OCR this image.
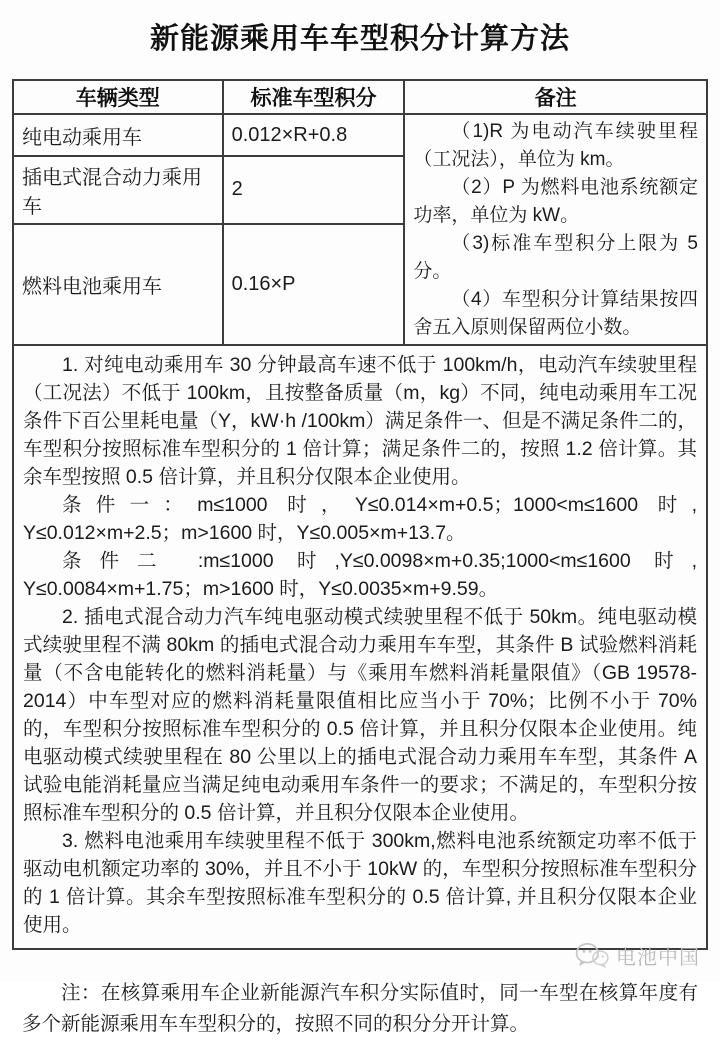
新能源乘用车车型积分计算方法
车辆类型	标准车型积分	备注
纯电动乘用车	0.012×R+0.8	（1)R 为电动汽车续驶里程（工况法），单位为 km。

（2）P 为燃料电池系统额定功率，单位为 kW。

（3)标准车型积分上限为 5 分。

（4）车型积分计算结果按四舍五入原则保留两位小数。

插电式混合动力乘用车	2	
燃料电池乘用车	0.16×P	

1. 对纯电动乘用车 30 分钟最高车速不低于 100km/h，电动汽车续驶里程（工况法）不低于 100km，且按整备质量（m，kg）不同，纯电动乘用车工况条件下百公里耗电量（Y，kW·h /100km）满足条件一、但是不满足条件二的，车型积分按照标准车型积分的 1 倍计算；满足条件二的，按照 1.2 倍计算。其余车型按照 0.5 倍计算，并且积分仅限本企业使用。

条件一：m≤1000 时，Y≤0.014×m+0.5；1000<m≤1600 时, Y≤0.012×m+2.5；m>1600 时，Y≤0.005×m+13.7。

条件二 :m≤1000 时,Y≤0.0098×m+0.35;1000<m≤1600 时, Y≤0.0084×m+1.75；m>1600 时，Y≤0.0035×m+9.59。

2. 插电式混合动力汽车纯电驱动模式续驶里程不低于 50km。纯电驱动模式续驶里程不满 80km 的插电式混合动力乘用车车型，其条件 B 试验燃料消耗量（不含电能转化的燃料消耗量）与《乘用车燃料消耗量限值》（GB 19578-2014）中车型对应的燃料消耗量限值相比应当小于 70%；比例不小于 70%的，车型积分按照标准车型积分的 0.5 倍计算，并且积分仅限本企业使用。纯电驱动模式续驶里程在 80 公里以上的插电式混合动力乘用车车型，其条件 A 试验电能消耗量应当满足纯电动乘用车条件一的要求；不满足的，车型积分按照标准车型积分的 0.5 倍计算，并且积分仅限本企业使用。

3. 燃料电池乘用车续驶里程不低于 300km,燃料电池系统额定功率不低于驱动电机额定功率的 30%，并且不小于 10kW 的，车型积分按照标准车型积分的 1 倍计算。其余车型按照标准车型积分的 0.5 倍计算, 并且积分仅限本企业使用。

注：在核算乘用车企业新能源汽车积分实际值时，同一车型在核算年度有多个新能源乘用车车型积分的，按照不同的积分分开计算。

电池中国
